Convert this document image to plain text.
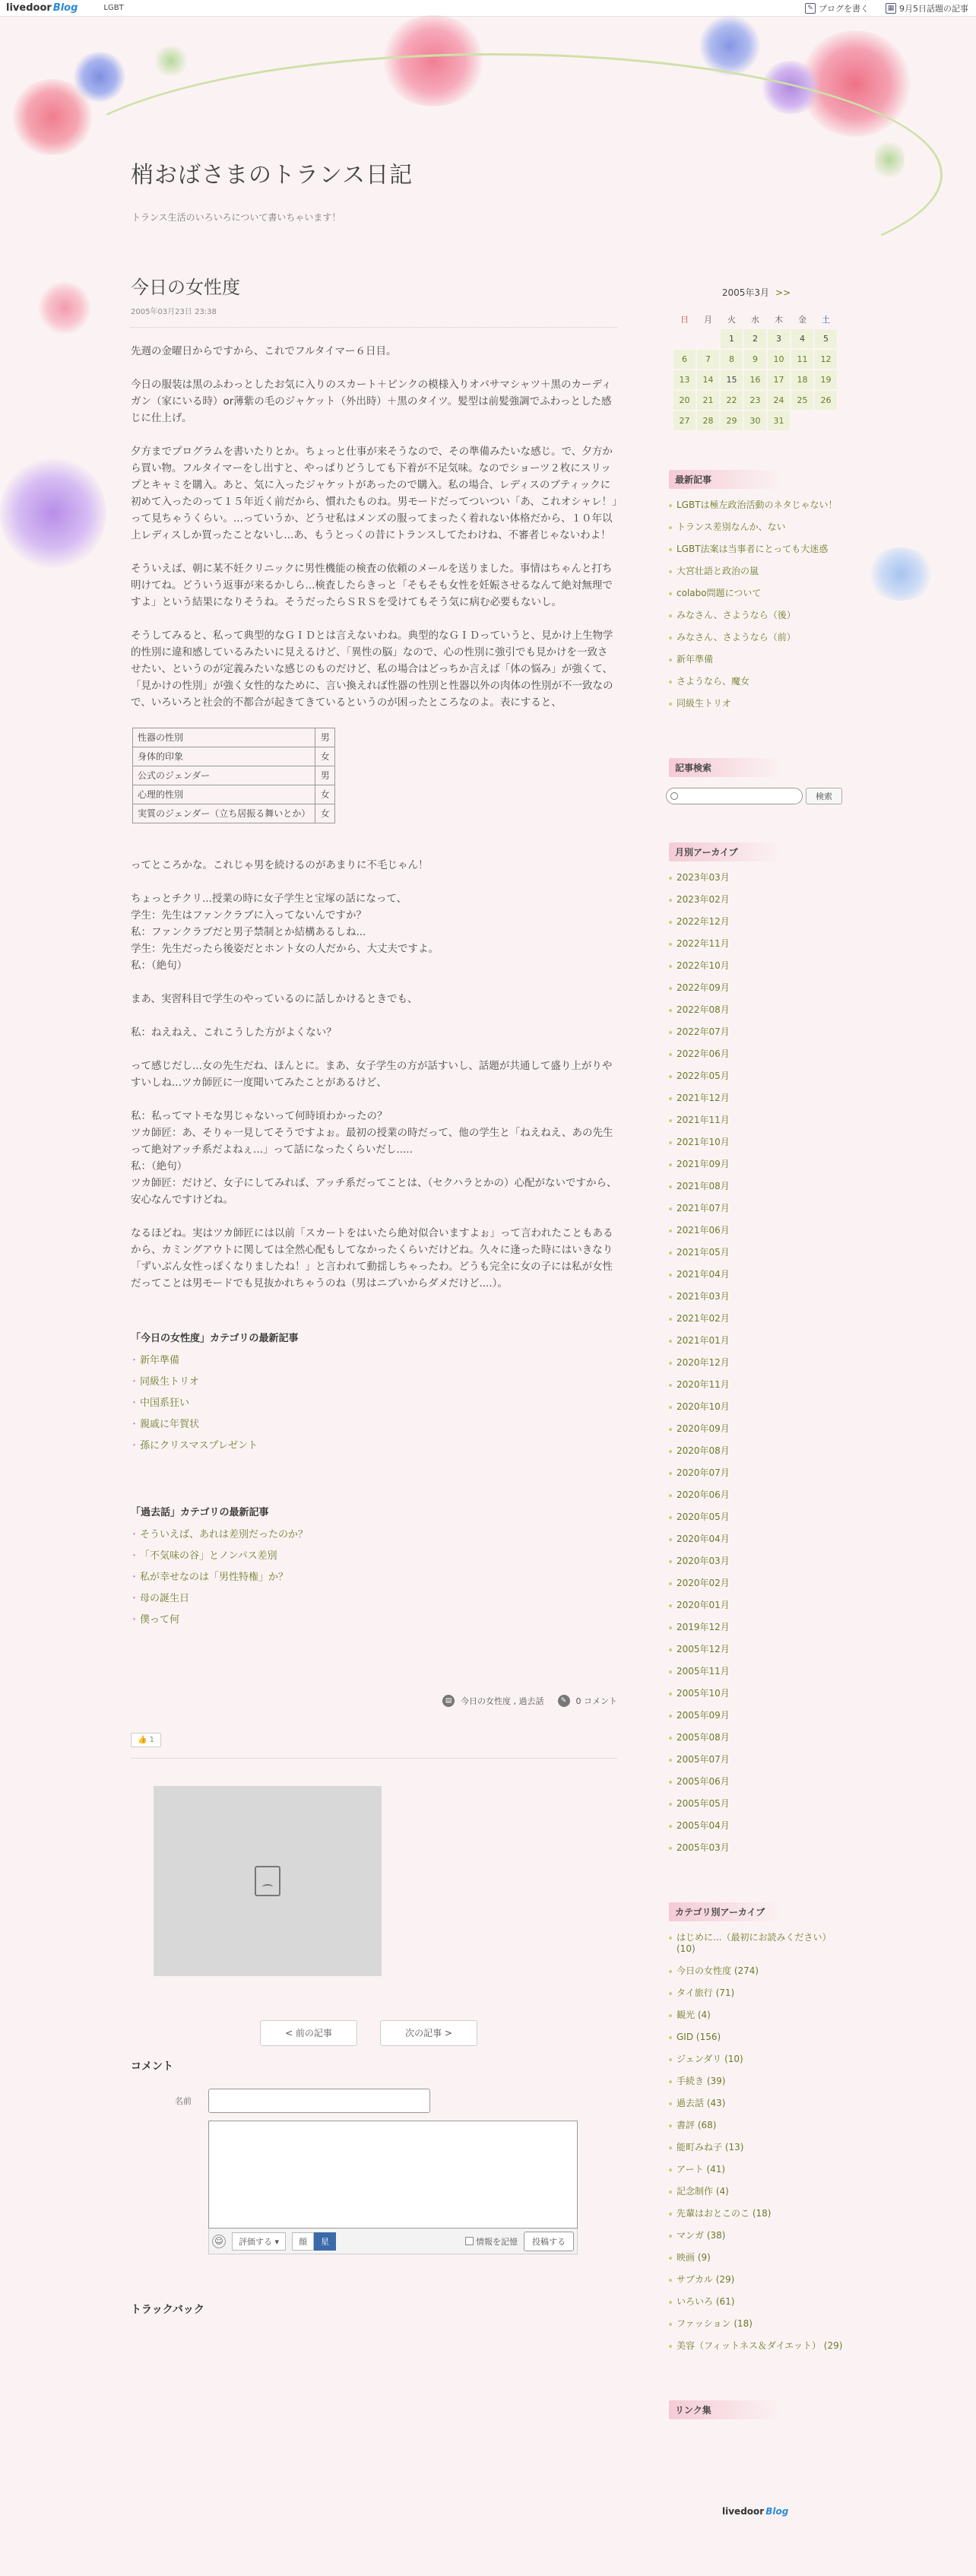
livedoor Blog	LGBT	✎ ブログを書く	▦ 9月5日話題の記事
梢おばさまのトランス日記
トランス生活のいろいろについて書いちゃいます！
今日の女性度
2005年03月23日 23:38

先週の金曜日からですから、これでフルタイマー６日目。

今日の服装は黒のふわっとしたお気に入りのスカート＋ピンクの模様入りオバサマシャツ＋黒のカーディガン（家にいる時）or薄紫の毛のジャケット（外出時）＋黒のタイツ。髪型は前髪強調でふわっとした感じに仕上げ。

夕方までプログラムを書いたりとか。ちょっと仕事が来そうなので、その準備みたいな感じ。で、夕方から買い物。フルタイマーをし出すと、やっぱりどうしても下着が不足気味。なのでショーツ２枚にスリップとキャミを購入。あと、気に入ったジャケットがあったので購入。私の場合、レディスのブティックに初めて入ったのって１５年近く前だから、慣れたものね。男モードだってついつい「あ、これオシャレ！」って見ちゃうくらい。...っていうか、どうせ私はメンズの服ってまったく着れない体格だから、１０年以上レディスしか買ったことないし...あ、もうとっくの昔にトランスしてたわけね、不審者じゃないわよ！

そういえば、朝に某不妊クリニックに男性機能の検査の依頼のメールを送りました。事情はちゃんと打ち明けてね。どういう返事が来るかしら...検査したらきっと「そもそも女性を妊娠させるなんて絶対無理ですよ」という結果になりそうね。そうだったらＳＲＳを受けてもそう気に病む必要もないし。

そうしてみると、私って典型的なＧＩＤとは言えないわね。典型的なＧＩＤっていうと、見かけ上生物学的性別に違和感しているみたいに見えるけど、「異性の脳」なので、心の性別に強引でも見かけを一致させたい、というのが定義みたいな感じのものだけど、私の場合はどっちか言えば「体の悩み」が強くて、「見かけの性別」が強く女性的なために、言い換えれば性器の性別と性器以外の肉体の性別が不一致なので、いろいろと社会的不都合が起きてきているというのが困ったところなのよ。表にすると、

性器の性別	男
身体的印象	女
公式のジェンダー	男
心理的性別	女
実質のジェンダー（立ち居振る舞いとか）	女

ってところかな。これじゃ男を続けるのがあまりに不毛じゃん！

ちょっとチクリ...授業の時に女子学生と宝塚の話になって、
学生：先生はファンクラブに入ってないんですか？
私：ファンクラブだと男子禁制とか結構あるしね...
学生：先生だったら後姿だとホント女の人だから、大丈夫ですよ。
私：（絶句）

まあ、実習科目で学生のやっているのに話しかけるときでも、

私：ねえねえ、これこうした方がよくない？

って感じだし...女の先生だね、ほんとに。まあ、女子学生の方が話すいし、話題が共通して盛り上がりやすいしね...ツカ師匠に一度聞いてみたことがあるけど、

私：私ってマトモな男じゃないって何時頃わかったの？
ツカ師匠：あ、そりゃ一見してそうですよぉ。最初の授業の時だって、他の学生と「ねえねえ、あの先生って絶対アッチ系だよねぇ...」って話になったくらいだし.....
私：（絶句）
ツカ師匠：だけど、女子にしてみれば、アッチ系だってことは、（セクハラとかの）心配がないですから、安心なんですけどね。

なるほどね。実はツカ師匠には以前「スカートをはいたら絶対似合いますよぉ」って言われたこともあるから、カミングアウトに関しては全然心配もしてなかったくらいだけどね。久々に逢った時にはいきなり「ずいぶん女性っぽくなりましたね！」と言われて動揺しちゃったわ。どうも完全に女の子には私が女性だってことは男モードでも見抜かれちゃうのね（男はニブいからダメだけど....）。

「今日の女性度」カテゴリの最新記事
・ 新年準備
・ 同級生トリオ
・ 中国系狂い
・ 親戚に年賀状
・ 孫にクリスマスプレゼント
「過去話」カテゴリの最新記事
・ そういえば、あれは差別だったのか？
・ 「不気味の谷」とノンパス差別
・ 私が幸せなのは「男性特権」か？
・ 母の誕生日
・ 僕って何
▤	今日の女性度 , 過去話	✎	0 コメント
👍 1
< 前の記事	次の記事 >
コメント
名前
☺	評価する ▾	顔	星	情報を記憶	投稿する
トラックバック
2005年3月 >>
日	月	火	水	木	金	土
		1	2	3	4	5
6	7	8	9	10	11	12
13	14	15	16	17	18	19
20	21	22	23	24	25	26
27	28	29	30	31		
最新記事
LGBTは極左政治活動のネタじゃない！
トランス差別なんか、ない
LGBT法案は当事者にとっても大迷惑
大宮壮語と政治の嵐
colabo問題について
みなさん、さようなら（後）
みなさん、さようなら（前）
新年準備
さようなら、魔女
同級生トリオ
記事検索
検索
月別アーカイブ
2023年03月
2023年02月
2022年12月
2022年11月
2022年10月
2022年09月
2022年08月
2022年07月
2022年06月
2022年05月
2021年12月
2021年11月
2021年10月
2021年09月
2021年08月
2021年07月
2021年06月
2021年05月
2021年04月
2021年03月
2021年02月
2021年01月
2020年12月
2020年11月
2020年10月
2020年09月
2020年08月
2020年07月
2020年06月
2020年05月
2020年04月
2020年03月
2020年02月
2020年01月
2019年12月
2005年12月
2005年11月
2005年10月
2005年09月
2005年08月
2005年07月
2005年06月
2005年05月
2005年04月
2005年03月
カテゴリ別アーカイブ
はじめに...（最初にお読みください） (10)
今日の女性度 (274)
タイ旅行 (71)
観光 (4)
GID (156)
ジェンダリ (10)
手続き (39)
過去話 (43)
書評 (68)
能町みね子 (13)
アート (41)
記念制作 (4)
先輩はおとこのこ (18)
マンガ (38)
映画 (9)
サブカル (29)
いろいろ (61)
ファッション (18)
美容（フィットネス＆ダイエット） (29)
リンク集
livedoor Blog
